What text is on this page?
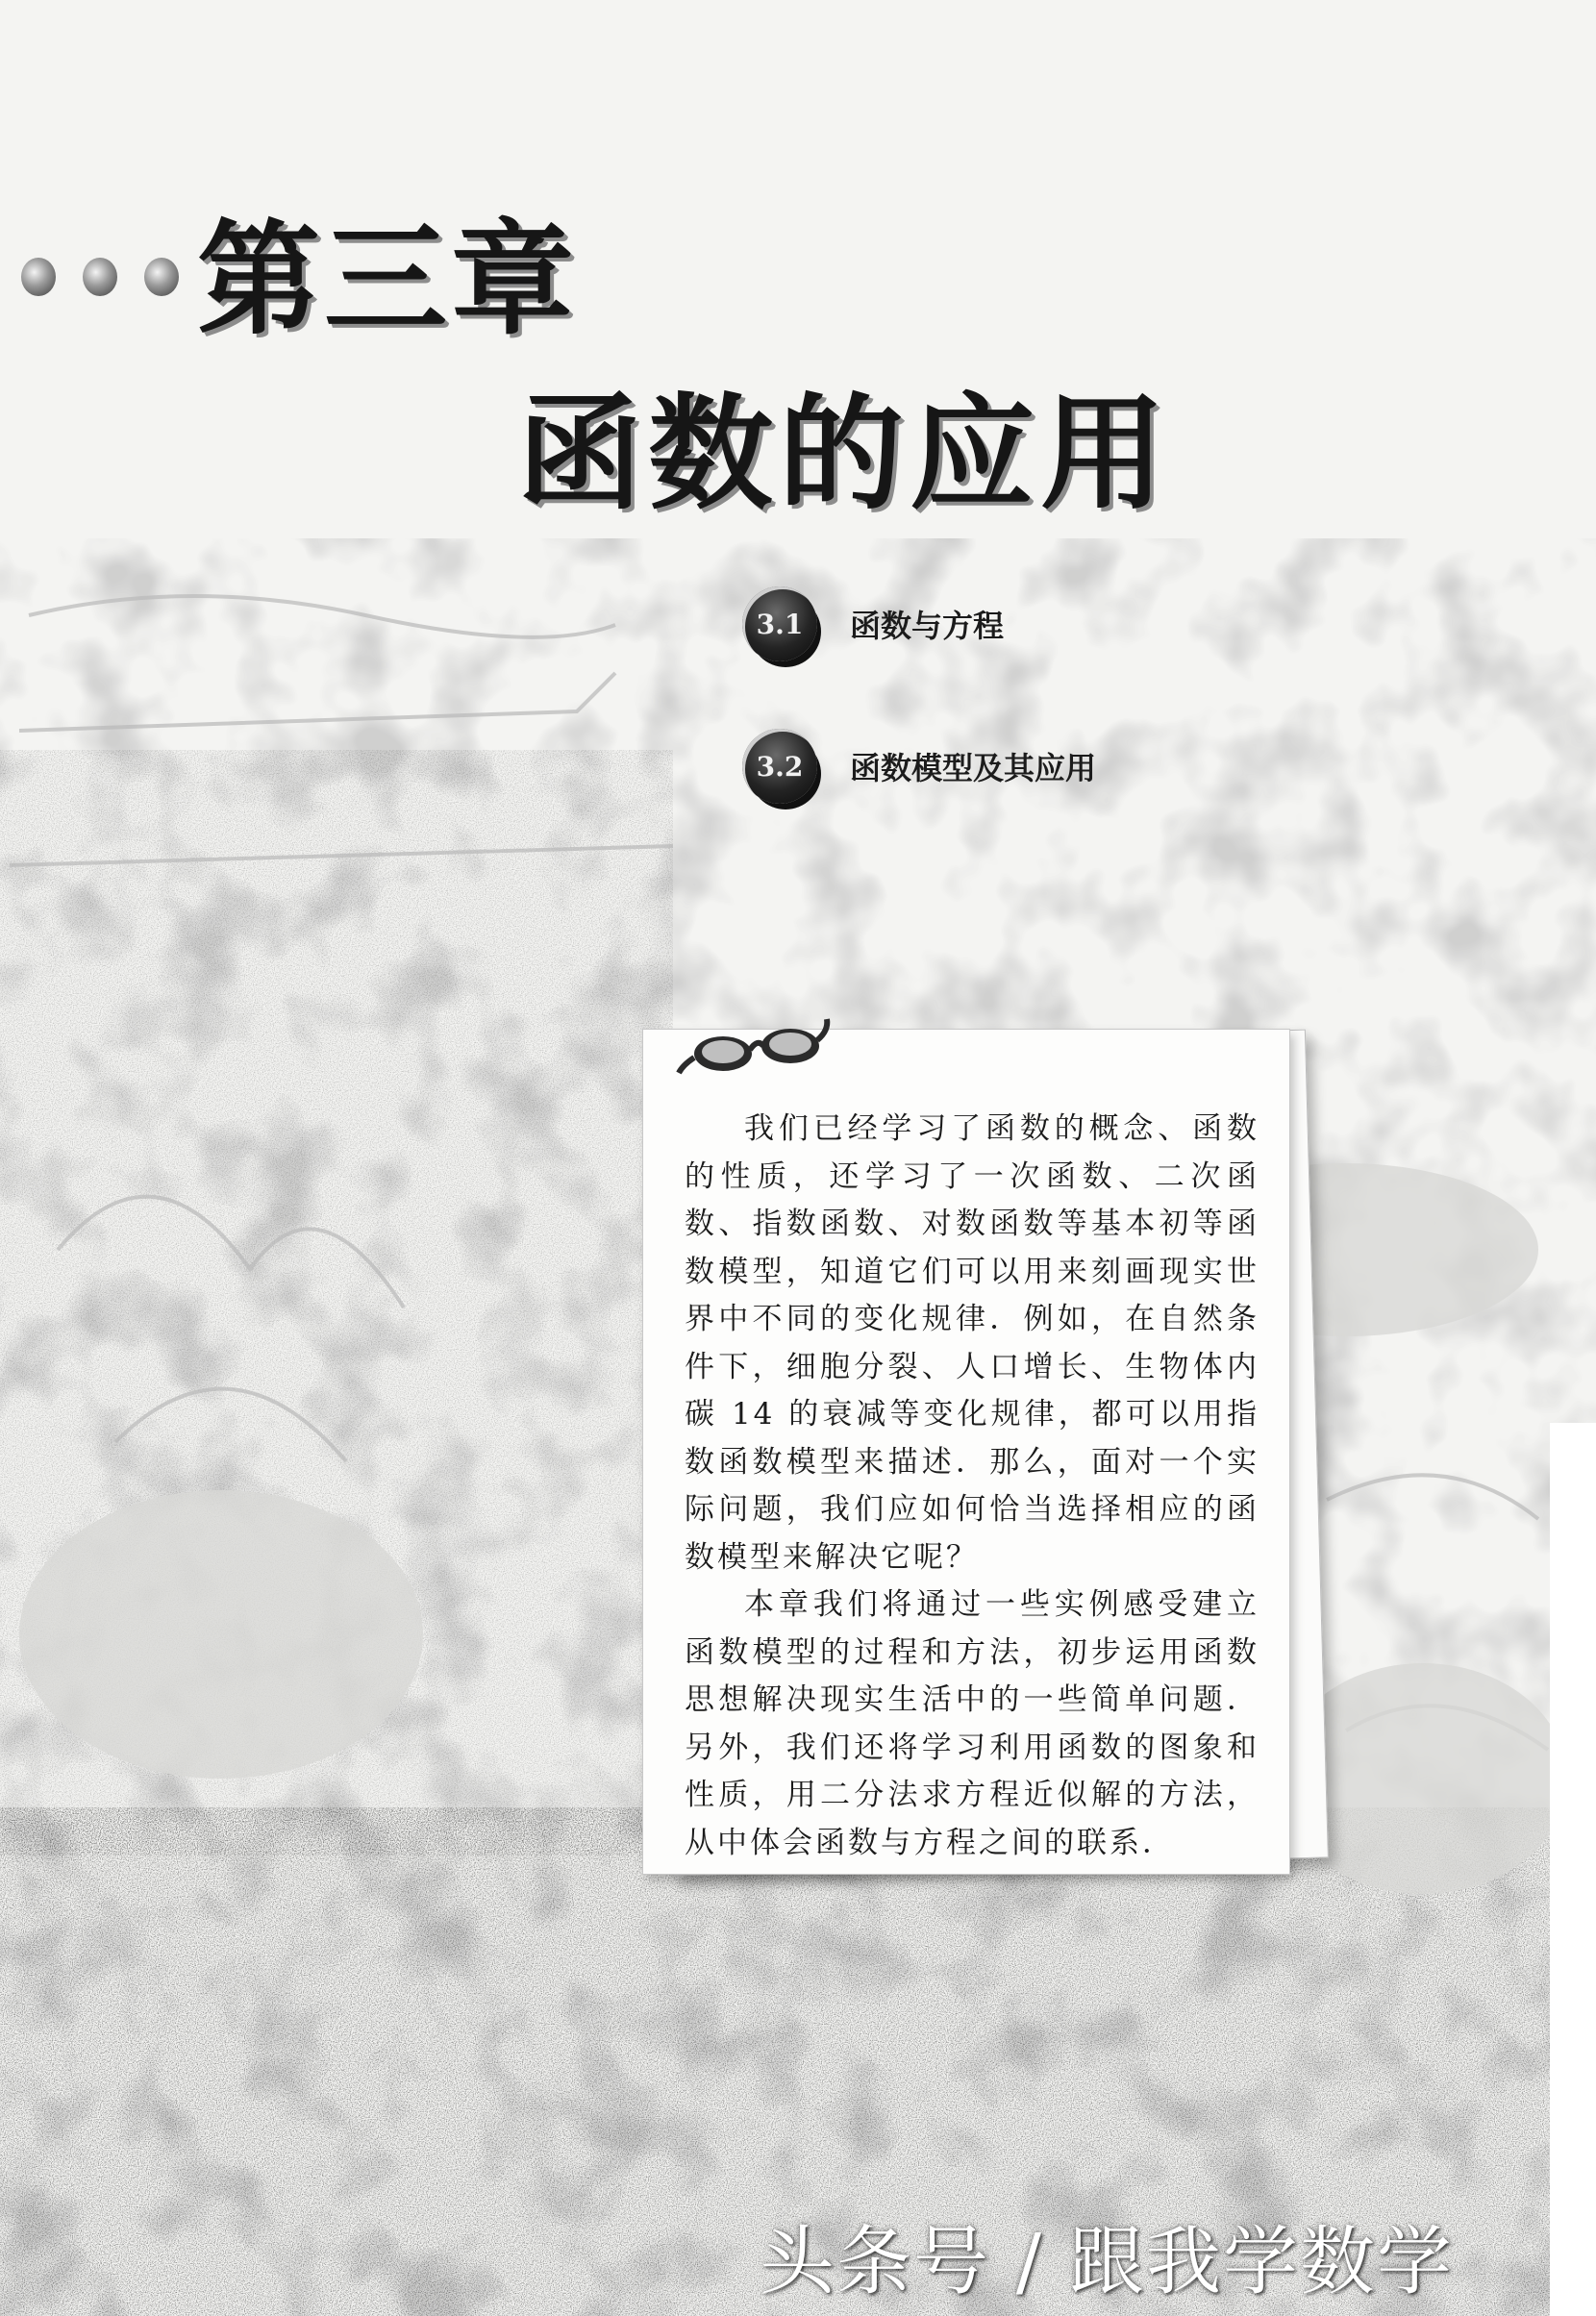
第三章
函数的应用
3.1	函数与方程
3.2	函数模型及其应用

我们已经学习了函数的概念、函数的性质，还学习了一次函数、二次函数、指数函数、对数函数等基本初等函数模型，知道它们可以用来刻画现实世界中不同的变化规律．例如，在自然条件下，细胞分裂、人口增长、生物体内碳 14 的衰减等变化规律，都可以用指数函数模型来描述．那么，面对一个实际问题，我们应如何恰当选择相应的函数模型来解决它呢？

本章我们将通过一些实例感受建立函数模型的过程和方法，初步运用函数思想解决现实生活中的一些简单问题．另外，我们还将学习利用函数的图象和性质，用二分法求方程近似解的方法，从中体会函数与方程之间的联系．

头条号 / 跟我学数学
